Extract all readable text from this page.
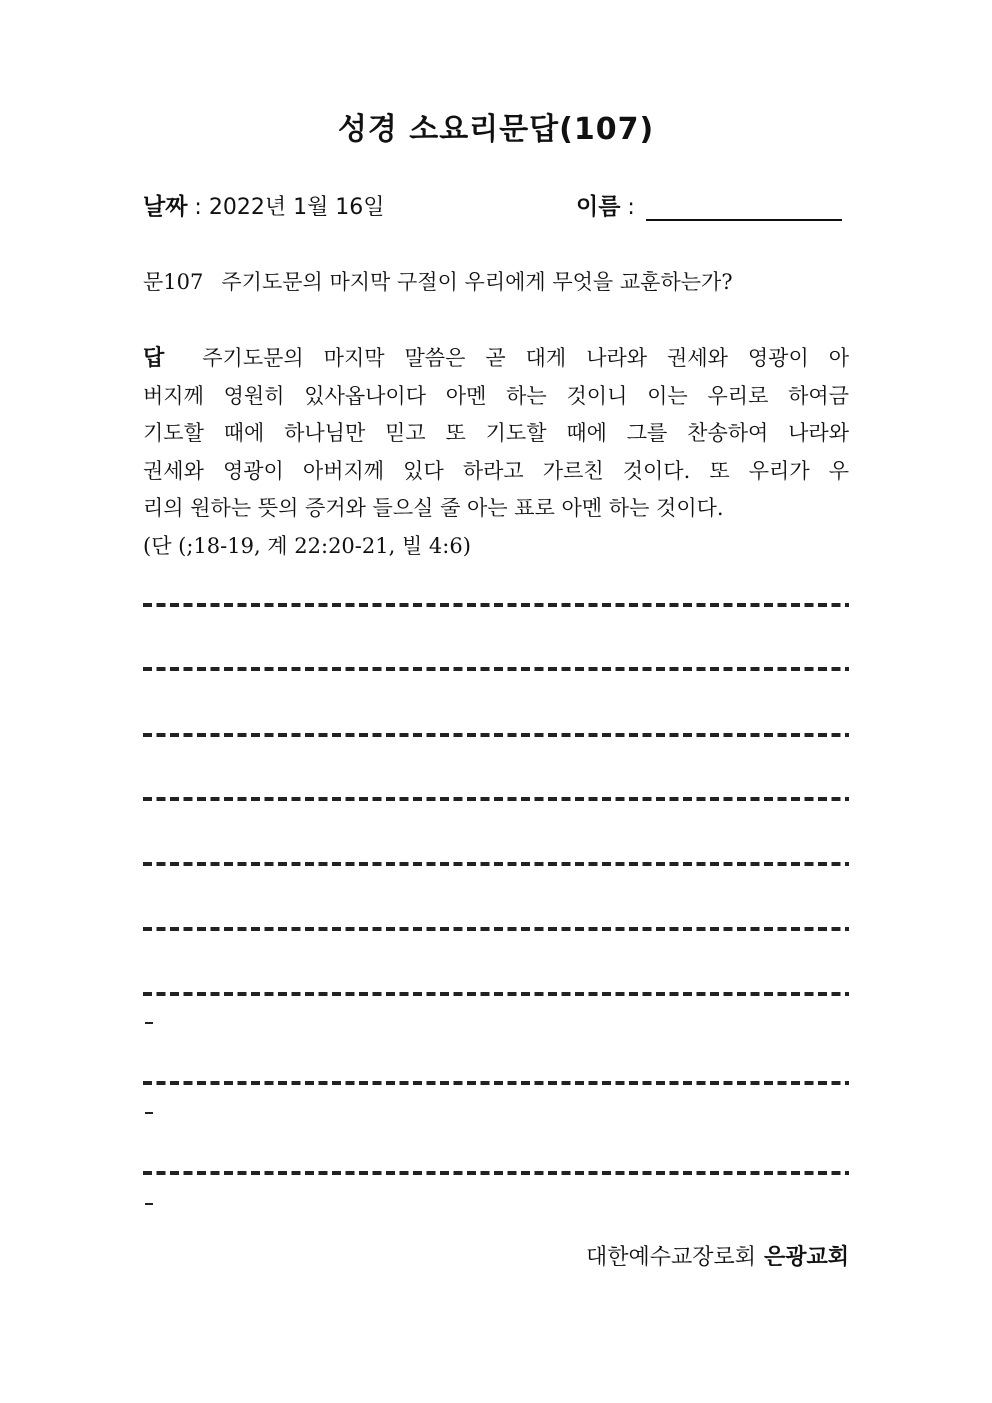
성경 소요리문답(107)
날짜 : 2022년 1월 16일	이름 :
문107 주기도문의 마지막 구절이 우리에게 무엇을 교훈하는가?
답 주기도문의 마지막 말씀은 곧 대게 나라와 권세와 영광이 아
버지께 영원히 있사옵나이다 아멘 하는 것이니 이는 우리로 하여금
기도할 때에 하나님만 믿고 또 기도할 때에 그를 찬송하여 나라와
권세와 영광이 아버지께 있다 하라고 가르친 것이다. 또 우리가 우
리의 원하는 뜻의 증거와 들으실 줄 아는 표로 아멘 하는 것이다.
(단 (;18-19, 계 22:20-21, 빌 4:6)
대한예수교장로회 은광교회
